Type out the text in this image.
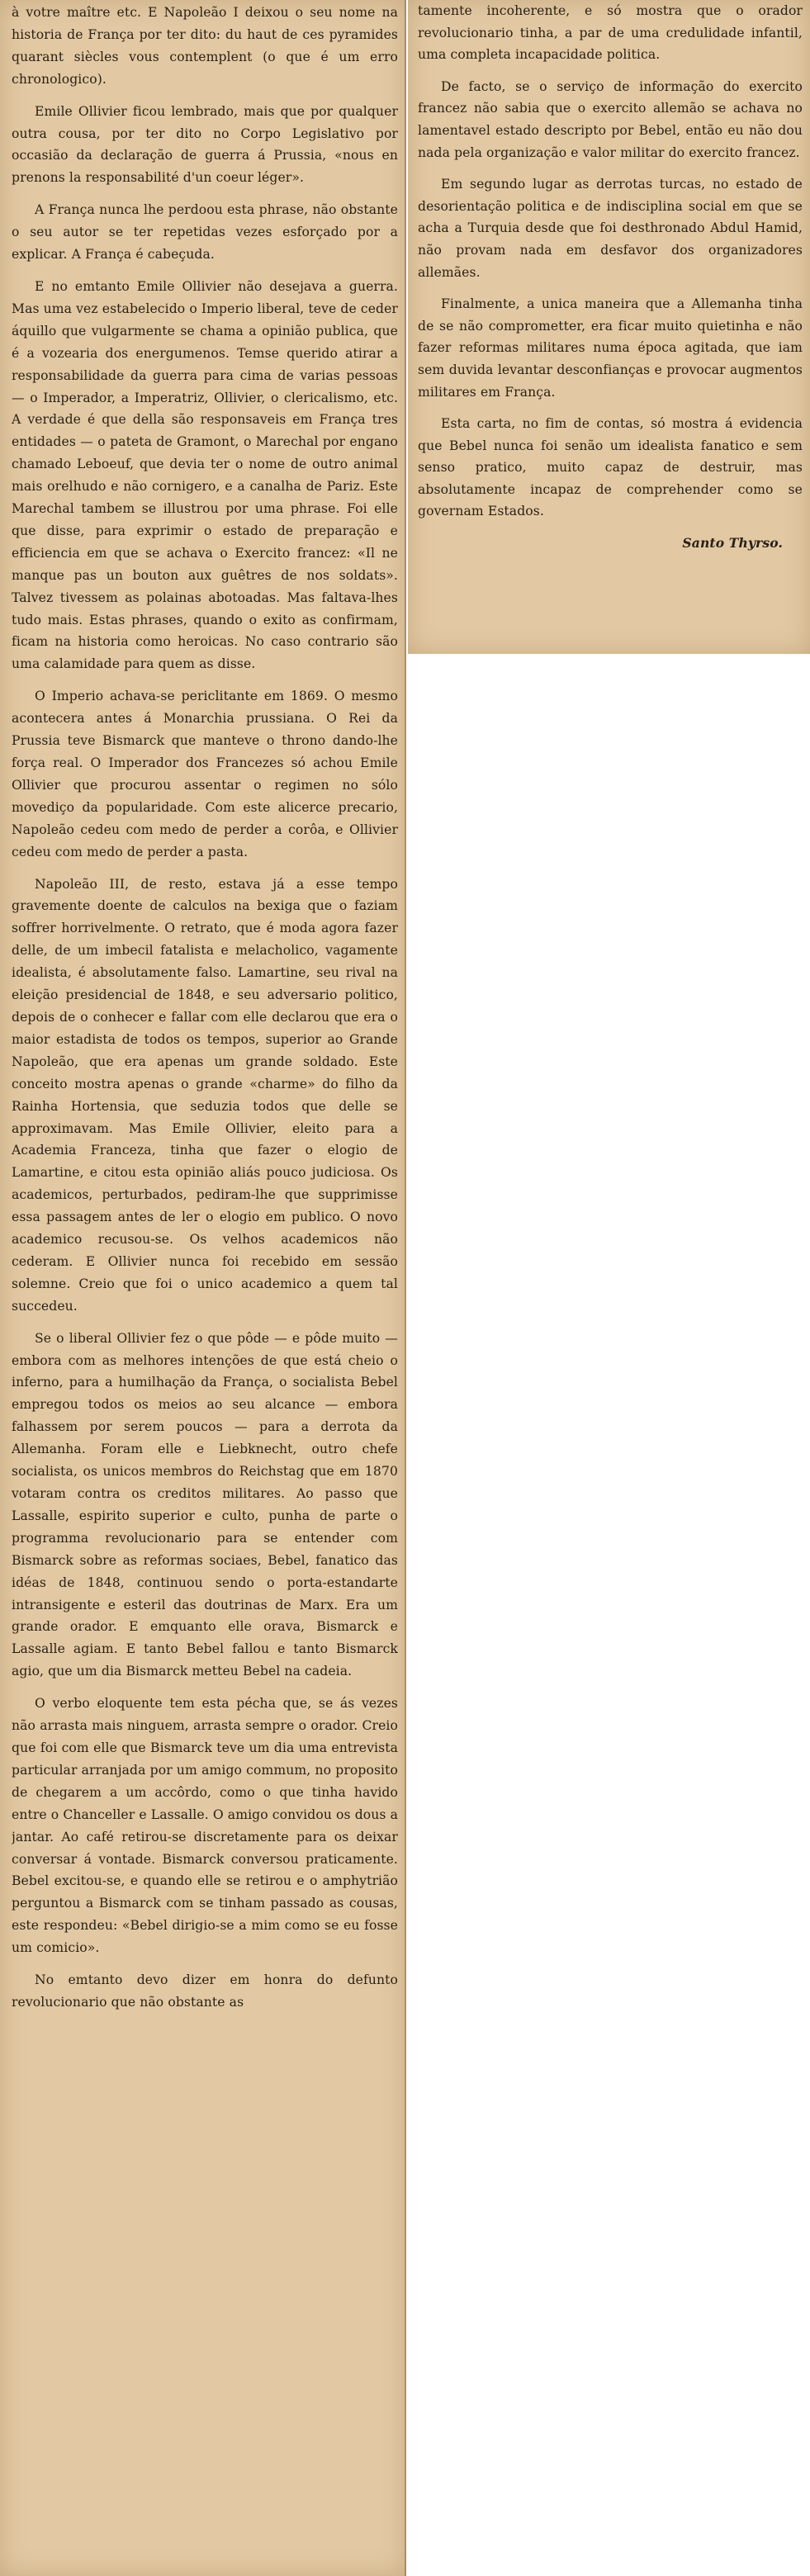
à votre maître etc. E Napoleão I deixou o seu nome na historia de França por ter dito: du haut de ces pyramides quarant siècles vous contemplent (o que é um erro chronologico).

Emile Ollivier ficou lembrado, mais que por qualquer outra cousa, por ter dito no Corpo Legislativo por occasião da declaração de guerra á Prussia, «nous en prenons la responsabilité d'un coeur léger».

A França nunca lhe perdoou esta phrase, não obstante o seu autor se ter repetidas vezes esforçado por a explicar. A França é cabeçuda.

E no emtanto Emile Ollivier não desejava a guerra. Mas uma vez estabelecido o Imperio liberal, teve de ceder áquillo que vulgarmente se chama a opinião publica, que é a vozearia dos energumenos. Temse querido atirar a responsabilidade da guerra para cima de varias pessoas — o Imperador, a Imperatriz, Ollivier, o clericalismo, etc. A verdade é que della são responsaveis em França tres entidades — o pateta de Gramont, o Marechal por engano chamado Leboeuf, que devia ter o nome de outro animal mais orelhudo e não cornigero, e a canalha de Pariz. Este Marechal tambem se illustrou por uma phrase. Foi elle que disse, para exprimir o estado de preparação e efficiencia em que se achava o Exercito francez: «Il ne manque pas un bouton aux guêtres de nos soldats». Talvez tivessem as polainas abotoadas. Mas faltava-lhes tudo mais. Estas phrases, quando o exito as confirmam, ficam na historia como heroicas. No caso contrario são uma calamidade para quem as disse.

O Imperio achava-se periclitante em 1869. O mesmo acontecera antes á Monarchia prussiana. O Rei da Prussia teve Bismarck que manteve o throno dando-lhe força real. O Imperador dos Francezes só achou Emile Ollivier que procurou assentar o regimen no sólo movediço da popularidade. Com este alicerce precario, Napoleão cedeu com medo de perder a corôa, e Ollivier cedeu com medo de perder a pasta.

Napoleão III, de resto, estava já a esse tempo gravemente doente de calculos na bexiga que o faziam soffrer horrivelmente. O retrato, que é moda agora fazer delle, de um imbecil fatalista e melacholico, vagamente idealista, é absolutamente falso. Lamartine, seu rival na eleição presidencial de 1848, e seu adversario politico, depois de o conhecer e fallar com elle declarou que era o maior estadista de todos os tempos, superior ao Grande Napoleão, que era apenas um grande soldado. Este conceito mostra apenas o grande «charme» do filho da Rainha Hortensia, que seduzia todos que delle se approximavam. Mas Emile Ollivier, eleito para a Academia Franceza, tinha que fazer o elogio de Lamartine, e citou esta opinião aliás pouco judiciosa. Os academicos, perturbados, pediram-lhe que supprimisse essa passagem antes de ler o elogio em publico. O novo academico recusou-se. Os velhos academicos não cederam. E Ollivier nunca foi recebido em sessão solemne. Creio que foi o unico academico a quem tal succedeu.

Se o liberal Ollivier fez o que pôde — e pôde muito — embora com as melhores intenções de que está cheio o inferno, para a humilhação da França, o socialista Bebel empregou todos os meios ao seu alcance — embora falhassem por serem poucos — para a derrota da Allemanha. Foram elle e Liebknecht, outro chefe socialista, os unicos membros do Reichstag que em 1870 votaram contra os creditos militares. Ao passo que Lassalle, espirito superior e culto, punha de parte o programma revolucionario para se entender com Bismarck sobre as reformas sociaes, Bebel, fanatico das idéas de 1848, continuou sendo o porta-estandarte intransigente e esteril das doutrinas de Marx. Era um grande orador. E emquanto elle orava, Bismarck e Lassalle agiam. E tanto Bebel fallou e tanto Bismarck agio, que um dia Bismarck metteu Bebel na cadeia.

O verbo eloquente tem esta pécha que, se ás vezes não arrasta mais ninguem, arrasta sempre o orador. Creio que foi com elle que Bismarck teve um dia uma entrevista particular arranjada por um amigo commum, no proposito de chegarem a um accôrdo, como o que tinha havido entre o Chanceller e Lassalle. O amigo convidou os dous a jantar. Ao café retirou-se discretamente para os deixar conversar á vontade. Bismarck conversou praticamente. Bebel excitou-se, e quando elle se retirou e o amphytrião perguntou a Bismarck com se tinham passado as cousas, este respondeu: «Bebel dirigio-se a mim como se eu fosse um comicio».

No emtanto devo dizer em honra do defunto revolucionario que não obstante as

tamente incoherente, e só mostra que o orador revolucionario tinha, a par de uma credulidade infantil, uma completa incapacidade politica.

De facto, se o serviço de informação do exercito francez não sabia que o exercito allemão se achava no lamentavel estado descripto por Bebel, então eu não dou nada pela organização e valor militar do exercito francez.

Em segundo lugar as derrotas turcas, no estado de desorientação politica e de indisciplina social em que se acha a Turquia desde que foi desthronado Abdul Hamid, não provam nada em desfavor dos organizadores allemães.

Finalmente, a unica maneira que a Allemanha tinha de se não comprometter, era ficar muito quietinha e não fazer reformas militares numa época agitada, que iam sem duvida levantar desconfianças e provocar augmentos militares em França.

Esta carta, no fim de contas, só mostra á evidencia que Bebel nunca foi senão um idealista fanatico e sem senso pratico, muito capaz de destruir, mas absolutamente incapaz de comprehender como se governam Estados.

Santo Thyrso.
